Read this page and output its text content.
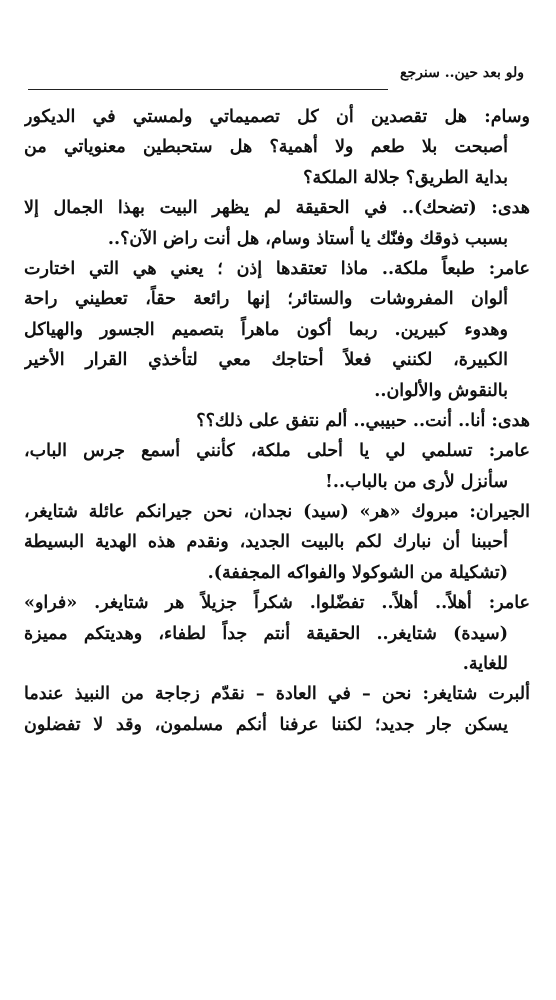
ولو بعد حين.. سنرجع

وسام: هل تقصدين أن كل تصميماتي ولمستي في الديكور
أصبحت بلا طعم ولا أهمية؟ هل ستحبطين معنوياتي من
بداية الطريق؟ جلالة الملكة؟

هدى: (تضحك).. في الحقيقة لم يظهر البيت بهذا الجمال إلا
بسبب ذوقك وفنّك يا أستاذ وسام، هل أنت راض الآن؟..

عامر: طبعاً ملكة.. ماذا تعتقدها إذن ؛ يعني هي التي اختارت
ألوان المفروشات والستائر؛ إنها رائعة حقاً، تعطيني راحة
وهدوء كبيرين. ربما أكون ماهراً بتصميم الجسور والهياكل
الكبيرة، لكنني فعلاً أحتاجك معي لتأخذي القرار الأخير
بالنقوش والألوان..

هدى: أنا.. أنت.. حبيبي.. ألم نتفق على ذلك؟؟

عامر: تسلمي لي يا أحلى ملكة، كأنني أسمع جرس الباب،
سأنزل لأرى من بالباب..!

الجيران: مبروك «هر» (سيد) نجدان، نحن جيرانكم عائلة شتايغر،
أحببنا أن نبارك لكم بالبيت الجديد، ونقدم هذه الهدية البسيطة
(تشكيلة من الشوكولا والفواكه المجففة).

عامر: أهلاً.. أهلاً.. تفضّلوا. شكراً جزيلاً هر شتايغر. «فراو»
(سيدة) شتايغر.. الحقيقة أنتم جداً لطفاء، وهديتكم مميزة
للغاية.

ألبرت شتايغر: نحن – في العادة – نقدّم زجاجة من النبيذ عندما
يسكن جار جديد؛ لكننا عرفنا أنكم مسلمون، وقد لا تفضلون
